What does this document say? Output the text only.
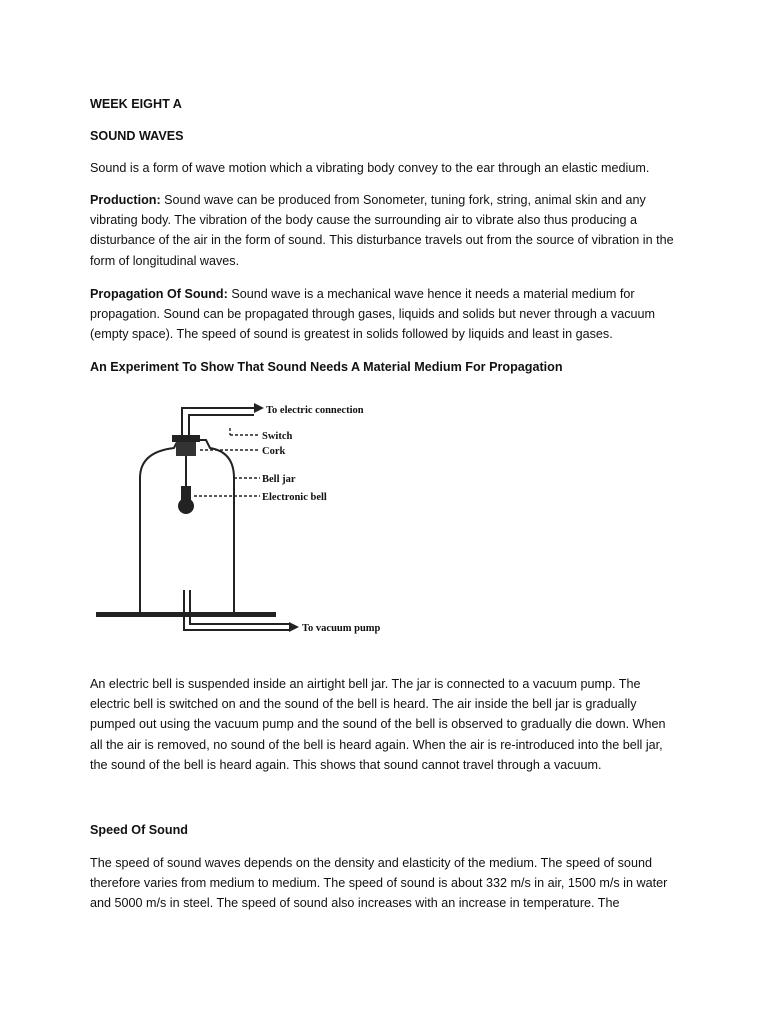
WEEK EIGHT A

SOUND WAVES

Sound is a form of wave motion which a vibrating body convey to the ear through an elastic medium.

Production: Sound wave can be produced from Sonometer, tuning fork, string, animal skin and any vibrating body. The vibration of the body cause the surrounding air to vibrate also thus producing a disturbance of the air in the form of sound. This disturbance travels out from the source of vibration in the form of longitudinal waves.

Propagation Of Sound: Sound wave is a mechanical wave hence it needs a material medium for propagation. Sound can be propagated through gases, liquids and solids but never through a vacuum (empty space). The speed of sound is greatest in solids followed by liquids and least in gases.

An Experiment To Show That Sound Needs A Material Medium For Propagation

To electric connection
Switch
Cork
Bell jar
Electronic bell
To vacuum pump

An electric bell is suspended inside an airtight bell jar. The jar is connected to a vacuum pump. The electric bell is switched on and the sound of the bell is heard. The air inside the bell jar is gradually pumped out using the vacuum pump and the sound of the bell is observed to gradually die down. When all the air is removed, no sound of the bell is heard again. When the air is re-introduced into the bell jar, the sound of the bell is heard again. This shows that sound cannot travel through a vacuum.

Speed Of Sound

The speed of sound waves depends on the density and elasticity of the medium. The speed of sound therefore varies from medium to medium. The speed of sound is about 332 m/s in air, 1500 m/s in water and 5000 m/s in steel. The speed of sound also increases with an increase in temperature. The
